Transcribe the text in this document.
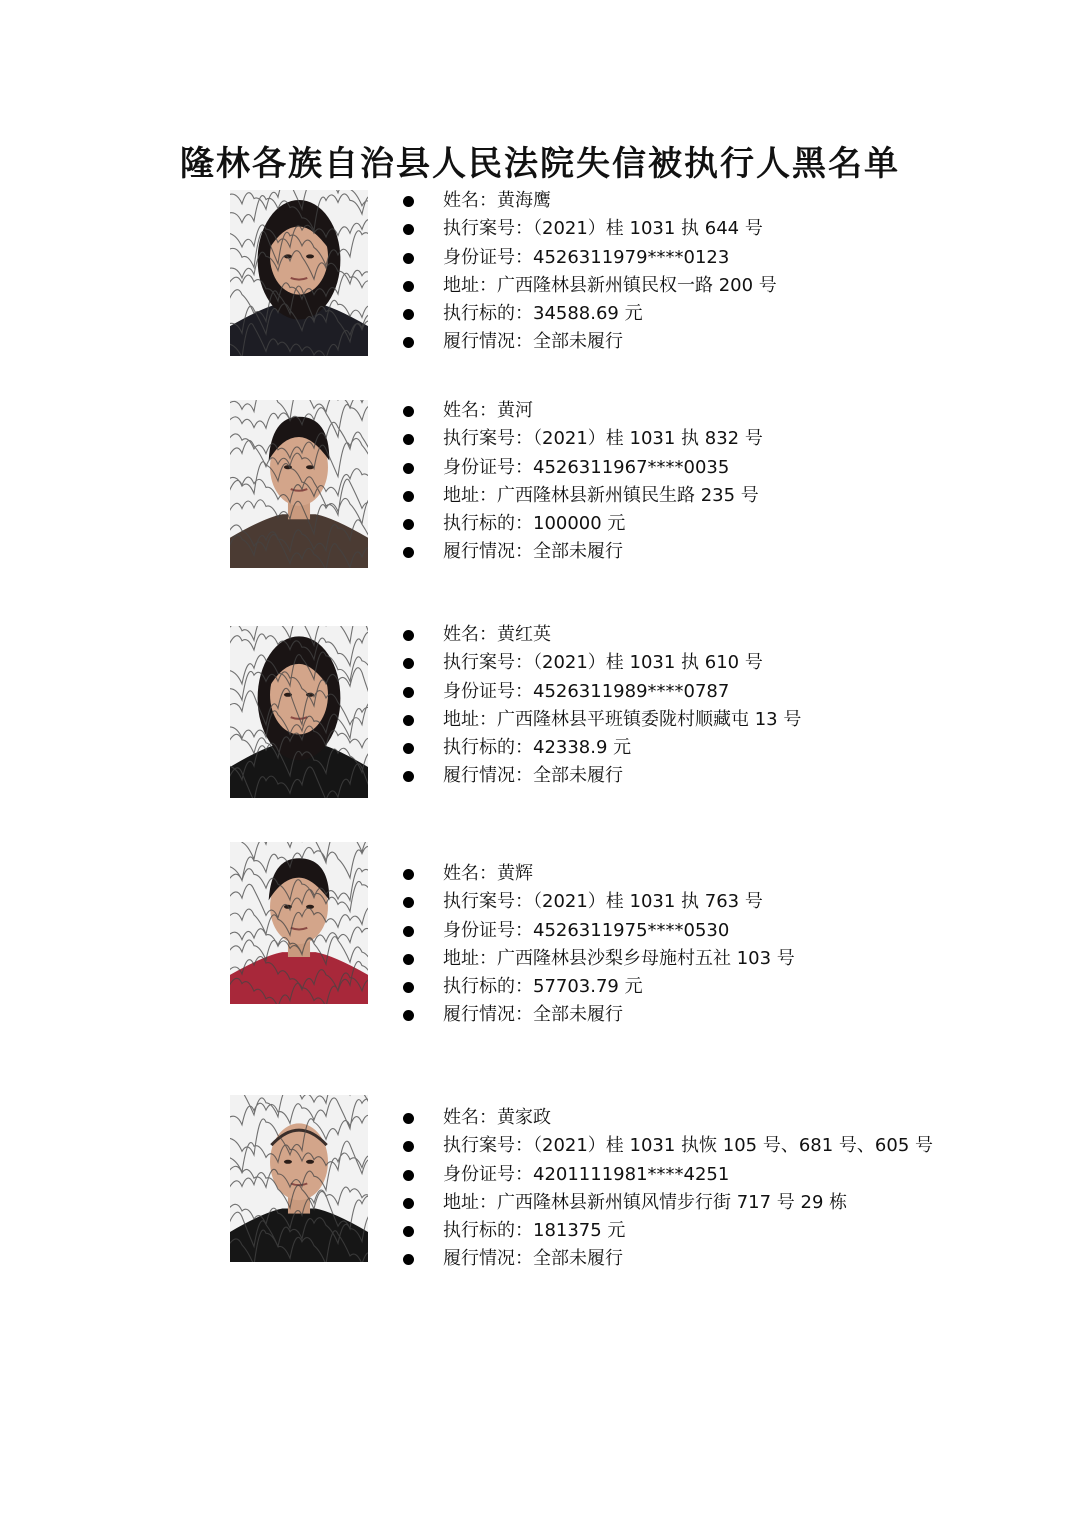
隆林各族自治县人民法院失信被执行人黑名单
姓名：黄海鹰
执行案号：（2021）桂 1031 执 644 号
身份证号：4526311979****0123
地址：广西隆林县新州镇民权一路 200 号
执行标的：34588.69 元
履行情况：全部未履行
姓名：黄河
执行案号：（2021）桂 1031 执 832 号
身份证号：4526311967****0035
地址：广西隆林县新州镇民生路 235 号
执行标的：100000 元
履行情况：全部未履行
姓名：黄红英
执行案号：（2021）桂 1031 执 610 号
身份证号：4526311989****0787
地址：广西隆林县平班镇委陇村顺藏屯 13 号
执行标的：42338.9 元
履行情况：全部未履行
姓名：黄辉
执行案号：（2021）桂 1031 执 763 号
身份证号：4526311975****0530
地址：广西隆林县沙梨乡母施村五社 103 号
执行标的：57703.79 元
履行情况：全部未履行
姓名：黄家政
执行案号：（2021）桂 1031 执恢 105 号、681 号、605 号
身份证号：4201111981****4251
地址：广西隆林县新州镇风情步行街 717 号 29 栋
执行标的：181375 元
履行情况：全部未履行
